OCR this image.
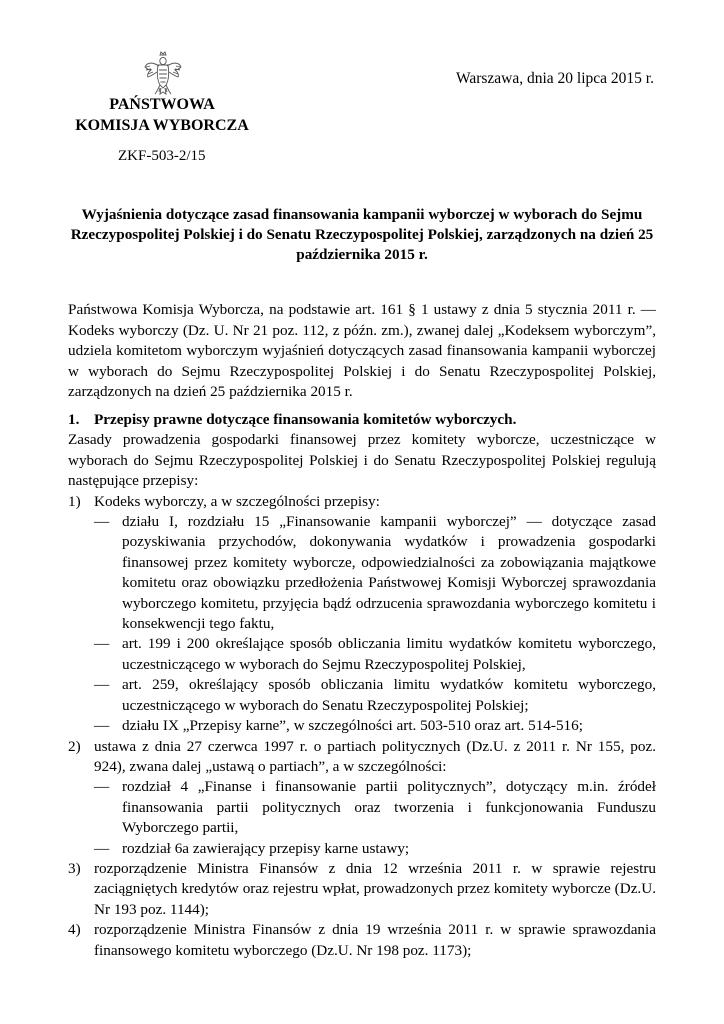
Warszawa, dnia 20 lipca 2015 r.
PAŃSTWOWA
KOMISJA WYBORCZA
ZKF-503-2/15
Wyjaśnienia dotyczące zasad finansowania kampanii wyborczej w wyborach do Sejmu Rzeczypospolitej Polskiej i do Senatu Rzeczypospolitej Polskiej, zarządzonych na dzień 25 października 2015 r.
Państwowa Komisja Wyborcza, na podstawie art. 161 § 1 ustawy z dnia 5 stycznia 2011 r. — Kodeks wyborczy (Dz. U. Nr 21 poz. 112, z późn. zm.), zwanej dalej „Kodeksem wyborczym”, udziela komitetom wyborczym wyjaśnień dotyczących zasad finansowania kampanii wyborczej w wyborach do Sejmu Rzeczypospolitej Polskiej i do Senatu Rzeczypospolitej Polskiej, zarządzonych na dzień 25 października 2015 r.
1. Przepisy prawne dotyczące finansowania komitetów wyborczych.
Zasady prowadzenia gospodarki finansowej przez komitety wyborcze, uczestniczące w wyborach do Sejmu Rzeczypospolitej Polskiej i do Senatu Rzeczypospolitej Polskiej regulują następujące przepisy:
1) Kodeks wyborczy, a w szczególności przepisy:
— działu I, rozdziału 15 „Finansowanie kampanii wyborczej” — dotyczące zasad pozyskiwania przychodów, dokonywania wydatków i prowadzenia gospodarki finansowej przez komitety wyborcze, odpowiedzialności za zobowiązania majątkowe komitetu oraz obowiązku przedłożenia Państwowej Komisji Wyborczej sprawozdania wyborczego komitetu, przyjęcia bądź odrzucenia sprawozdania wyborczego komitetu i konsekwencji tego faktu,
— art. 199 i 200 określające sposób obliczania limitu wydatków komitetu wyborczego, uczestniczącego w wyborach do Sejmu Rzeczypospolitej Polskiej,
— art. 259, określający sposób obliczania limitu wydatków komitetu wyborczego, uczestniczącego w wyborach do Senatu Rzeczypospolitej Polskiej;
— działu IX „Przepisy karne”, w szczególności art. 503-510 oraz art. 514-516;
2) ustawa z dnia 27 czerwca 1997 r. o partiach politycznych (Dz.U. z 2011 r. Nr 155, poz. 924), zwana dalej „ustawą o partiach”, a w szczególności:
— rozdział 4 „Finanse i finansowanie partii politycznych”, dotyczący m.in. źródeł finansowania partii politycznych oraz tworzenia i funkcjonowania Funduszu Wyborczego partii,
— rozdział 6a zawierający przepisy karne ustawy;
3) rozporządzenie Ministra Finansów z dnia 12 września 2011 r. w sprawie rejestru zaciągniętych kredytów oraz rejestru wpłat, prowadzonych przez komitety wyborcze (Dz.U. Nr 193 poz. 1144);
4) rozporządzenie Ministra Finansów z dnia 19 września 2011 r. w sprawie sprawozdania finansowego komitetu wyborczego (Dz.U. Nr 198 poz. 1173);
